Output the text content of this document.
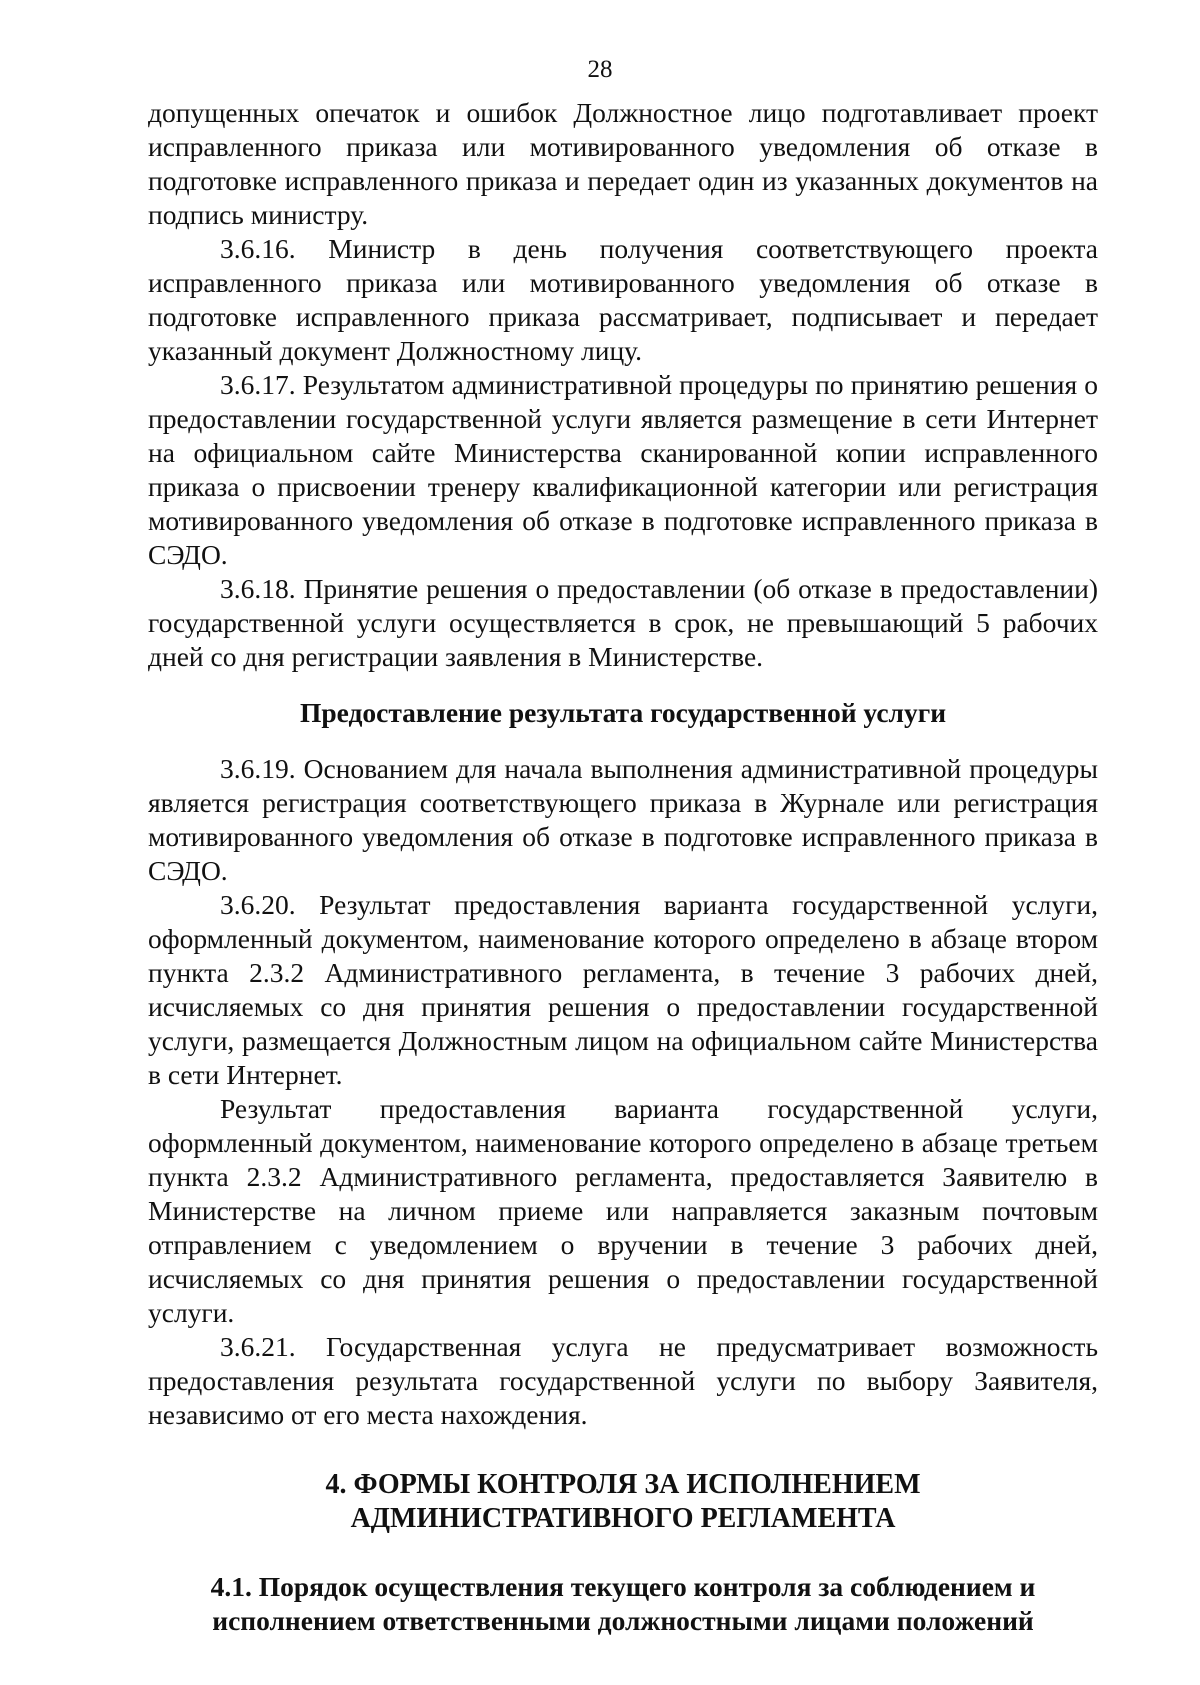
28

допущенных опечаток и ошибок Должностное лицо подготавливает проект исправленного приказа или мотивированного уведомления об отказе в подготовке исправленного приказа и передает один из указанных документов на подпись министру.

3.6.16. Министр в день получения соответствующего проекта исправленного приказа или мотивированного уведомления об отказе в подготовке исправленного приказа рассматривает, подписывает и передает указанный документ Должностному лицу.

3.6.17. Результатом административной процедуры по принятию решения о предоставлении государственной услуги является размещение в сети Интернет на официальном сайте Министерства сканированной копии исправленного приказа о присвоении тренеру квалификационной категории или регистрация мотивированного уведомления об отказе в подготовке исправленного приказа в СЭДО.

3.6.18. Принятие решения о предоставлении (об отказе в предоставлении) государственной услуги осуществляется в срок, не превышающий 5 рабочих дней со дня регистрации заявления в Министерстве.

Предоставление результата государственной услуги

3.6.19. Основанием для начала выполнения административной процедуры является регистрация соответствующего приказа в Журнале или регистрация мотивированного уведомления об отказе в подготовке исправленного приказа в СЭДО.

3.6.20. Результат предоставления варианта государственной услуги, оформленный документом, наименование которого определено в абзаце втором пункта 2.3.2 Административного регламента, в течение 3 рабочих дней, исчисляемых со дня принятия решения о предоставлении государственной услуги, размещается Должностным лицом на официальном сайте Министерства в сети Интернет.

Результат предоставления варианта государственной услуги, оформленный документом, наименование которого определено в абзаце третьем пункта 2.3.2 Административного регламента, предоставляется Заявителю в Министерстве на личном приеме или направляется заказным почтовым отправлением с уведомлением о вручении в течение 3 рабочих дней, исчисляемых со дня принятия решения о предоставлении государственной услуги.

3.6.21. Государственная услуга не предусматривает возможность предоставления результата государственной услуги по выбору Заявителя, независимо от его места нахождения.

4. ФОРМЫ КОНТРОЛЯ ЗА ИСПОЛНЕНИЕМ
АДМИНИСТРАТИВНОГО РЕГЛАМЕНТА

4.1. Порядок осуществления текущего контроля за соблюдением и
исполнением ответственными должностными лицами положений
